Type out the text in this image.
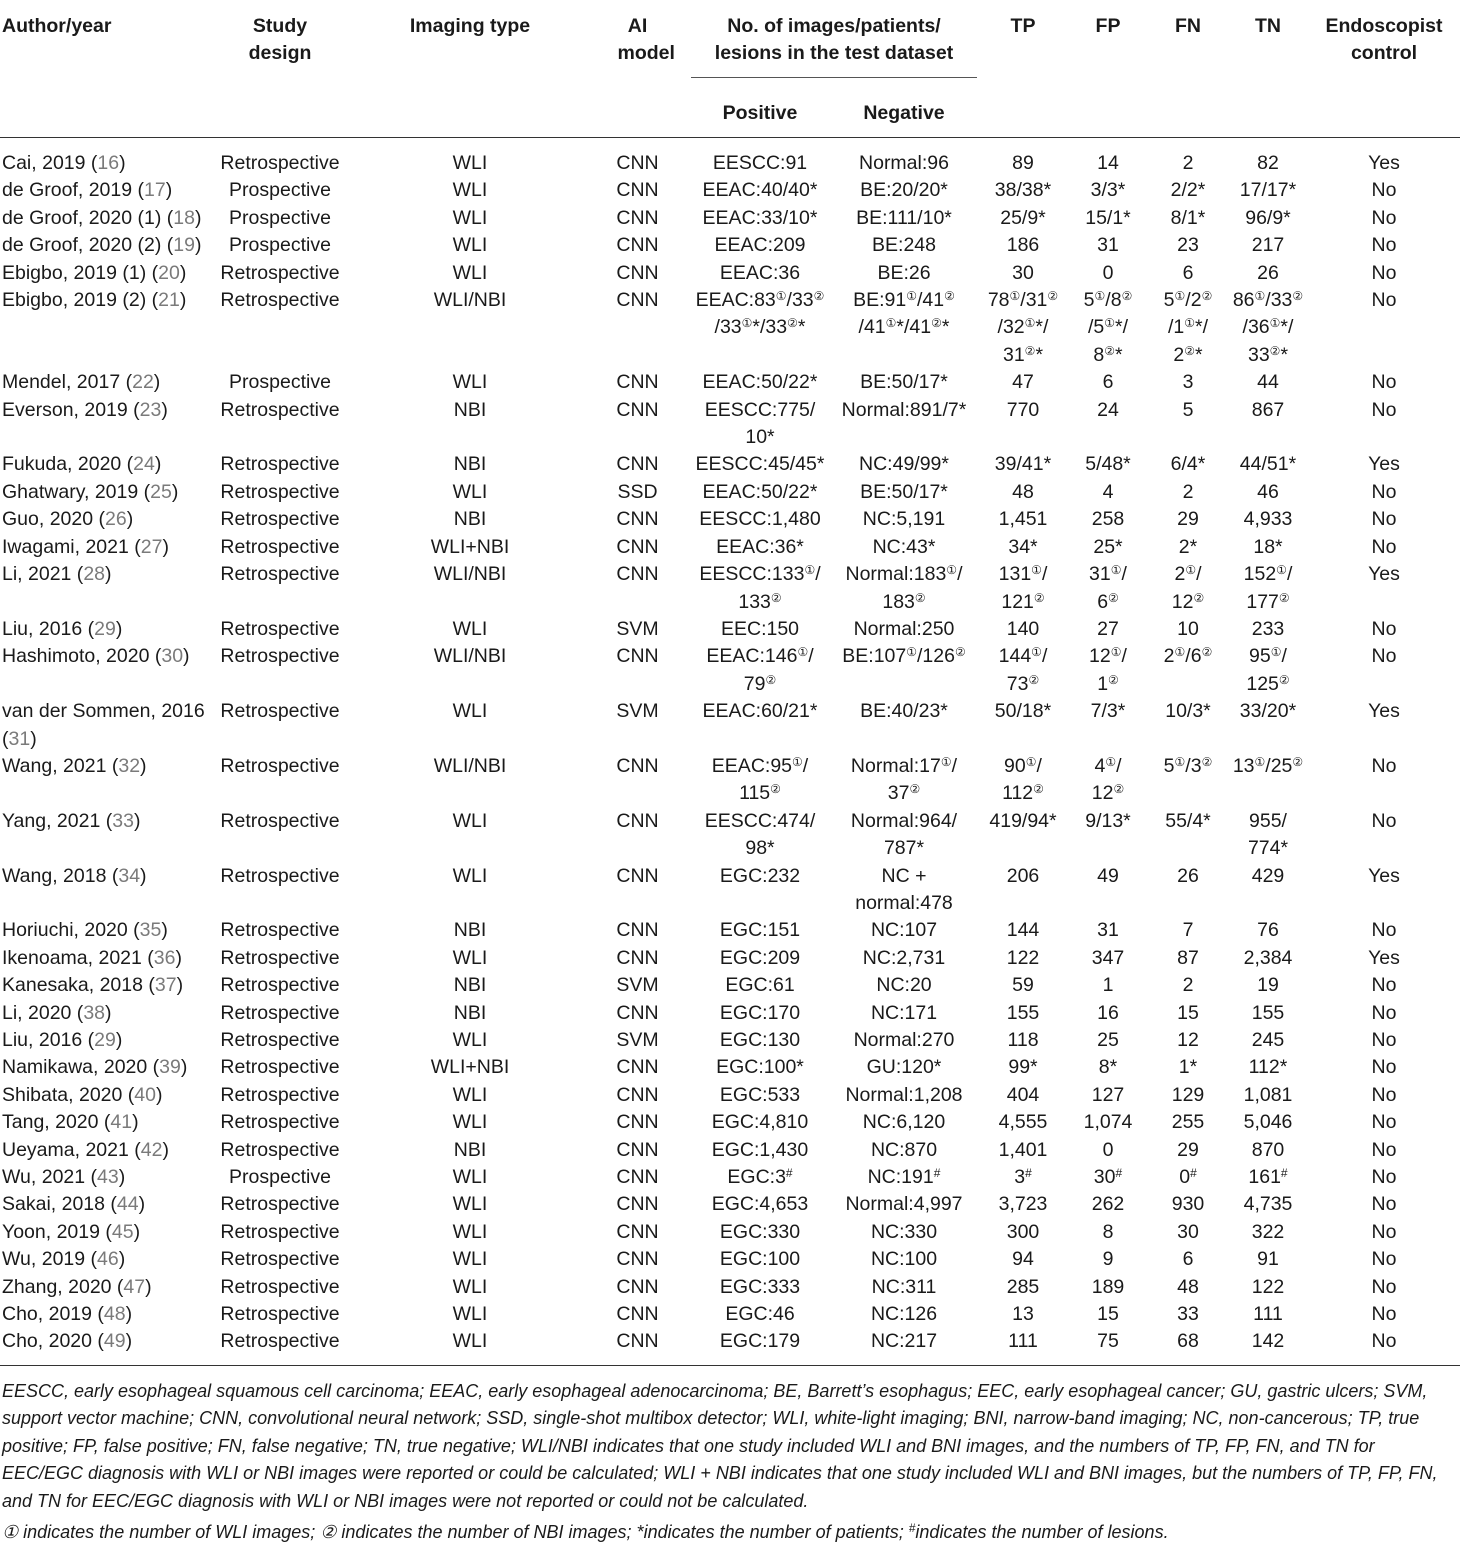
Author/year	Study design	Imaging type	AI model	No. of images/patients/ lesions in the test dataset		TP	FP	FN	TN	Endoscopist control

				Positive	Negative					
Cai, 2019 (16)	Retrospective	WLI	CNN	EESCC:91	Normal:96	89	14	2	82	Yes
de Groof, 2019 (17)	Prospective	WLI	CNN	EEAC:40/40*	BE:20/20*	38/38*	3/3*	2/2*	17/17*	No
de Groof, 2020 (1) (18)	Prospective	WLI	CNN	EEAC:33/10*	BE:111/10*	25/9*	15/1*	8/1*	96/9*	No
de Groof, 2020 (2) (19)	Prospective	WLI	CNN	EEAC:209	BE:248	186	31	23	217	No
Ebigbo, 2019 (1) (20)	Retrospective	WLI	CNN	EEAC:36	BE:26	30	0	6	26	No
Ebigbo, 2019 (2) (21)	Retrospective	WLI/NBI	CNN	EEAC:83①/33②
/33①*/33②*	BE:91①/41②
/41①*/41②*	78①/31②
/32①*/
31②*	5①/8②
/5①*/
8②*	5①/2②
/1①*/
2②*	86①/33②
/36①*/
33②*	No
Mendel, 2017 (22)	Prospective	WLI	CNN	EEAC:50/22*	BE:50/17*	47	6	3	44	No
Everson, 2019 (23)	Retrospective	NBI	CNN	EESCC:775/
10*	Normal:891/7*	770	24	5	867	No
Fukuda, 2020 (24)	Retrospective	NBI	CNN	EESCC:45/45*	NC:49/99*	39/41*	5/48*	6/4*	44/51*	Yes
Ghatwary, 2019 (25)	Retrospective	WLI	SSD	EEAC:50/22*	BE:50/17*	48	4	2	46	No
Guo, 2020 (26)	Retrospective	NBI	CNN	EESCC:1,480	NC:5,191	1,451	258	29	4,933	No
Iwagami, 2021 (27)	Retrospective	WLI+NBI	CNN	EEAC:36*	NC:43*	34*	25*	2*	18*	No
Li, 2021 (28)	Retrospective	WLI/NBI	CNN	EESCC:133①/
133②	Normal:183①/
183②	131①/
121②	31①/
6②	2①/
12②	152①/
177②	Yes
Liu, 2016 (29)	Retrospective	WLI	SVM	EEC:150	Normal:250	140	27	10	233	No
Hashimoto, 2020 (30)	Retrospective	WLI/NBI	CNN	EEAC:146①/
79②	BE:107①/126②	144①/
73②	12①/
1②	2①/6②	95①/
125②	No
van der Sommen, 2016 (31)	Retrospective	WLI	SVM	EEAC:60/21*	BE:40/23*	50/18*	7/3*	10/3*	33/20*	Yes
Wang, 2021 (32)	Retrospective	WLI/NBI	CNN	EEAC:95①/
115②	Normal:17①/
37②	90①/
112②	4①/
12②	5①/3②	13①/25②	No
Yang, 2021 (33)	Retrospective	WLI	CNN	EESCC:474/
98*	Normal:964/
787*	419/94*	9/13*	55/4*	955/
774*	No
Wang, 2018 (34)	Retrospective	WLI	CNN	EGC:232	NC +
normal:478	206	49	26	429	Yes
Horiuchi, 2020 (35)	Retrospective	NBI	CNN	EGC:151	NC:107	144	31	7	76	No
Ikenoama, 2021 (36)	Retrospective	WLI	CNN	EGC:209	NC:2,731	122	347	87	2,384	Yes
Kanesaka, 2018 (37)	Retrospective	NBI	SVM	EGC:61	NC:20	59	1	2	19	No
Li, 2020 (38)	Retrospective	NBI	CNN	EGC:170	NC:171	155	16	15	155	No
Liu, 2016 (29)	Retrospective	WLI	SVM	EGC:130	Normal:270	118	25	12	245	No
Namikawa, 2020 (39)	Retrospective	WLI+NBI	CNN	EGC:100*	GU:120*	99*	8*	1*	112*	No
Shibata, 2020 (40)	Retrospective	WLI	CNN	EGC:533	Normal:1,208	404	127	129	1,081	No
Tang, 2020 (41)	Retrospective	WLI	CNN	EGC:4,810	NC:6,120	4,555	1,074	255	5,046	No
Ueyama, 2021 (42)	Retrospective	NBI	CNN	EGC:1,430	NC:870	1,401	0	29	870	No
Wu, 2021 (43)	Prospective	WLI	CNN	EGC:3#	NC:191#	3#	30#	0#	161#	No
Sakai, 2018 (44)	Retrospective	WLI	CNN	EGC:4,653	Normal:4,997	3,723	262	930	4,735	No
Yoon, 2019 (45)	Retrospective	WLI	CNN	EGC:330	NC:330	300	8	30	322	No
Wu, 2019 (46)	Retrospective	WLI	CNN	EGC:100	NC:100	94	9	6	91	No
Zhang, 2020 (47)	Retrospective	WLI	CNN	EGC:333	NC:311	285	189	48	122	No
Cho, 2019 (48)	Retrospective	WLI	CNN	EGC:46	NC:126	13	15	33	111	No
Cho, 2020 (49)	Retrospective	WLI	CNN	EGC:179	NC:217	111	75	68	142	No
EESCC, early esophageal squamous cell carcinoma; EEAC, early esophageal adenocarcinoma; BE, Barrett’s esophagus; EEC, early esophageal cancer; GU, gastric ulcers; SVM, support vector machine; CNN, convolutional neural network; SSD, single-shot multibox detector; WLI, white-light imaging; BNI, narrow-band imaging; NC, non-cancerous; TP, true positive; FP, false positive; FN, false negative; TN, true negative; WLI/NBI indicates that one study included WLI and BNI images, and the numbers of TP, FP, FN, and TN for EEC/EGC diagnosis with WLI or NBI images were reported or could be calculated; WLI + NBI indicates that one study included WLI and BNI images, but the numbers of TP, FP, FN, and TN for EEC/EGC diagnosis with WLI or NBI images were not reported or could not be calculated.
① indicates the number of WLI images; ② indicates the number of NBI images; *indicates the number of patients; #indicates the number of lesions.
